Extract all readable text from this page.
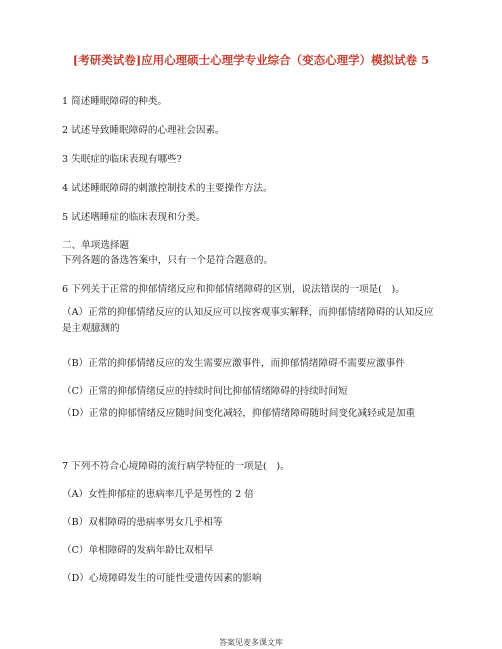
[考研类试卷]应用心理硕士心理学专业综合（变态心理学）模拟试卷 5
1 简述睡眠障碍的种类。
2 试述导致睡眠障碍的心理社会因素。
3 失眠症的临床表现有哪些?
4 试述睡眠障碍的刺激控制技术的主要操作方法。
5 试述嗜睡症的临床表现和分类。
二、单项选择题
下列各题的备选答案中，只有一个是符合题意的。
6 下列关于正常的抑郁情绪反应和抑郁情绪障碍的区别，说法错误的一项是(　)。
（A）正常的抑郁情绪反应的认知反应可以按客观事实解释，而抑郁情绪障碍的认知反应是主观臆测的
（B）正常的抑郁情绪反应的发生需要应激事件，而抑郁情绪障碍不需要应激事件
（C）正常的抑郁情绪反应的持续时间比抑郁情绪障碍的持续时间短
（D）正常的抑郁情绪反应随时间变化减轻，抑郁情绪障碍随时间变化减轻或是加重
7 下列不符合心境障碍的流行病学特征的一项是(　)。
（A）女性抑郁症的患病率几乎是男性的 2 倍
（B）双相障碍的患病率男女几乎相等
（C）单相障碍的发病年龄比双相早
（D）心境障碍发生的可能性受遗传因素的影响
答案见麦多课文库
